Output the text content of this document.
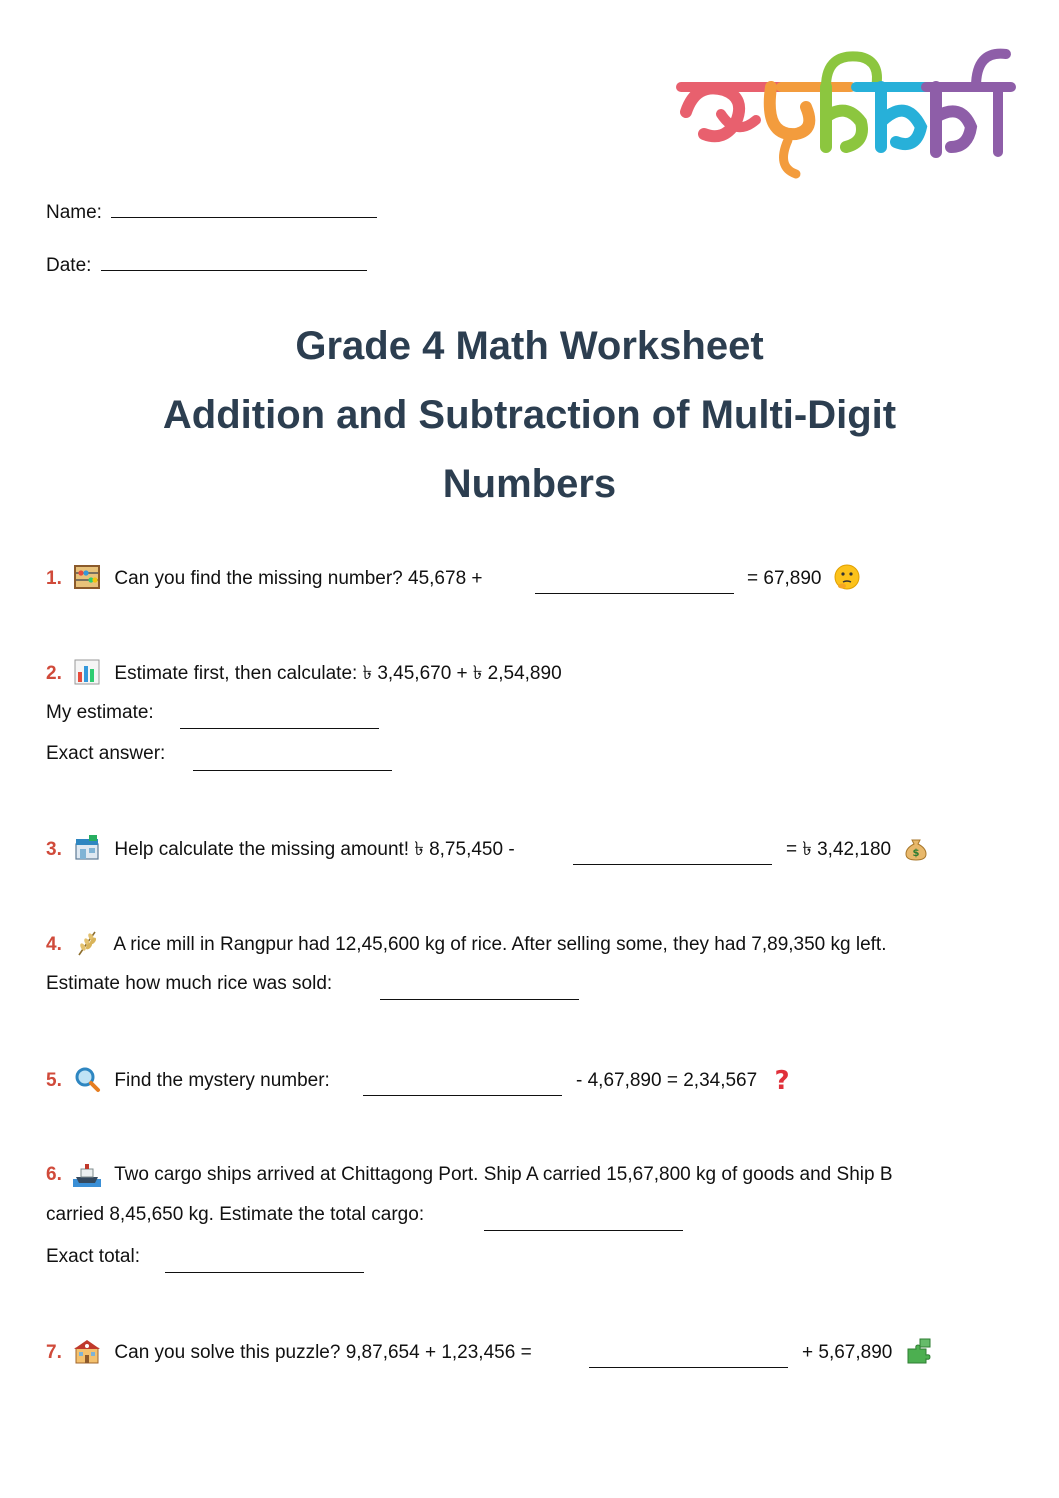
Name:
Date:
Grade 4 Math Worksheet
Addition and Subtraction of Multi-Digit
Numbers
1.	Can you find the missing number? 45,678 +	= 67,890
2.	Estimate first, then calculate: ৳ 3,45,670 + ৳ 2,54,890
My estimate:
Exact answer:
3.	Help calculate the missing amount! ৳ 8,75,450 -	= ৳ 3,42,180 $
4.	A rice mill in Rangpur had 12,45,600 kg of rice. After selling some, they had 7,89,350 kg left.
Estimate how much rice was sold:
5.	Find the mystery number:	- 4,67,890 = 2,34,567 ?
6.	Two cargo ships arrived at Chittagong Port. Ship A carried 15,67,800 kg of goods and Ship B
carried 8,45,650 kg. Estimate the total cargo:
Exact total:
7.	Can you solve this puzzle? 9,87,654 + 1,23,456 =	+ 5,67,890
